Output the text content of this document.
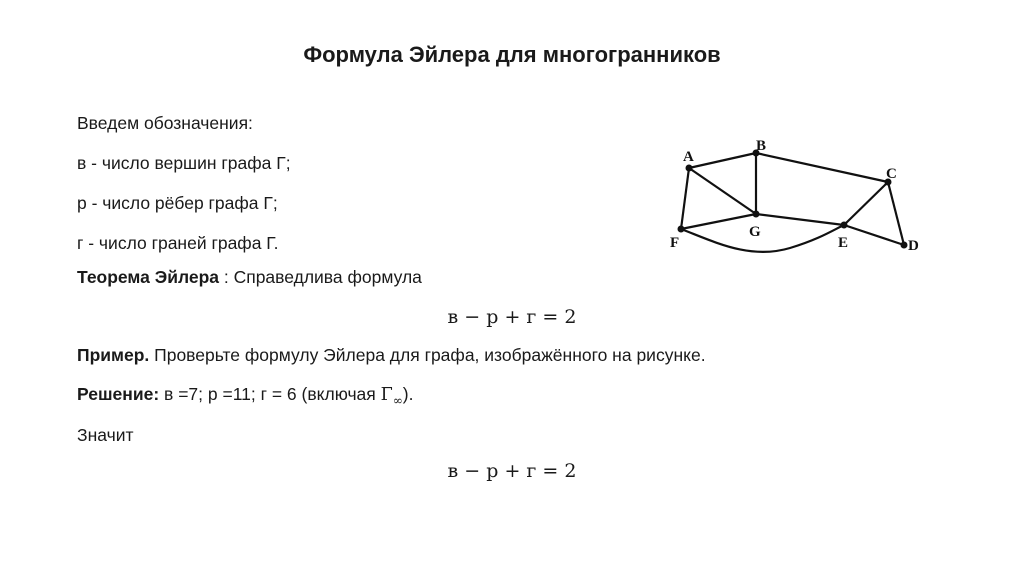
Формула Эйлера для многогранников
Введем обозначения:
в - число вершин графа Г;
р - число рёбер графа Г;
г - число граней графа Г.
Теорема Эйлера : Справедлива формула
в − р + г = 2
Пример. Проверьте формулу Эйлера для графа, изображённого на рисунке.
Решение: в =7; р =11; г = 6 (включая $\Gamma_\infty$).
Значит
в − р + г = 2
A
B
C
D
E
F
G
